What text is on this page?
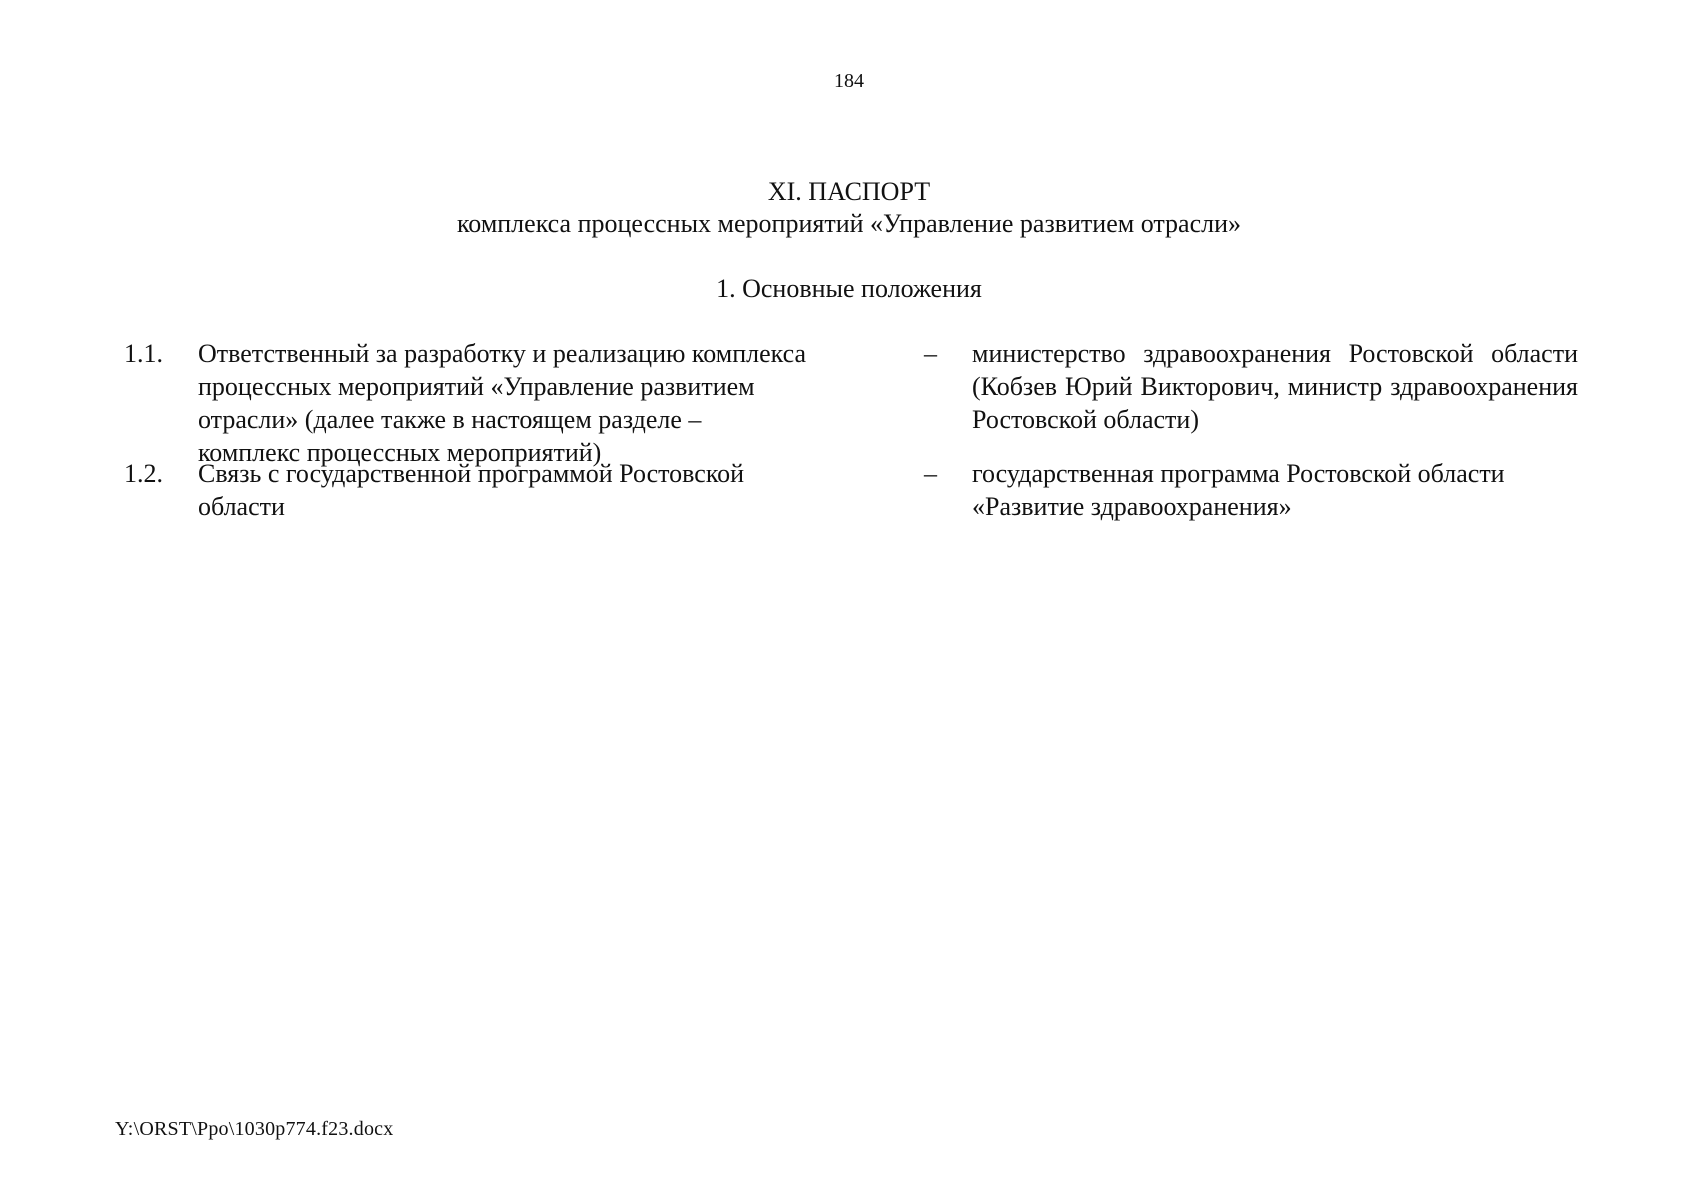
184
XI. ПАСПОРТ
комплекса процессных мероприятий «Управление развитием отрасли»
1. Основные положения
1.1. Ответственный за разработку и реализацию комплекса процессных мероприятий «Управление развитием отрасли» (далее также в настоящем разделе – комплекс процессных мероприятий)
– министерство здравоохранения Ростовской области (Кобзев Юрий Викторович, министр здравоохранения Ростовской области)
1.2. Связь с государственной программой Ростовской области
– государственная программа Ростовской области «Развитие здравоохранения»
Y:\ORST\Ppo\1030p774.f23.docx
